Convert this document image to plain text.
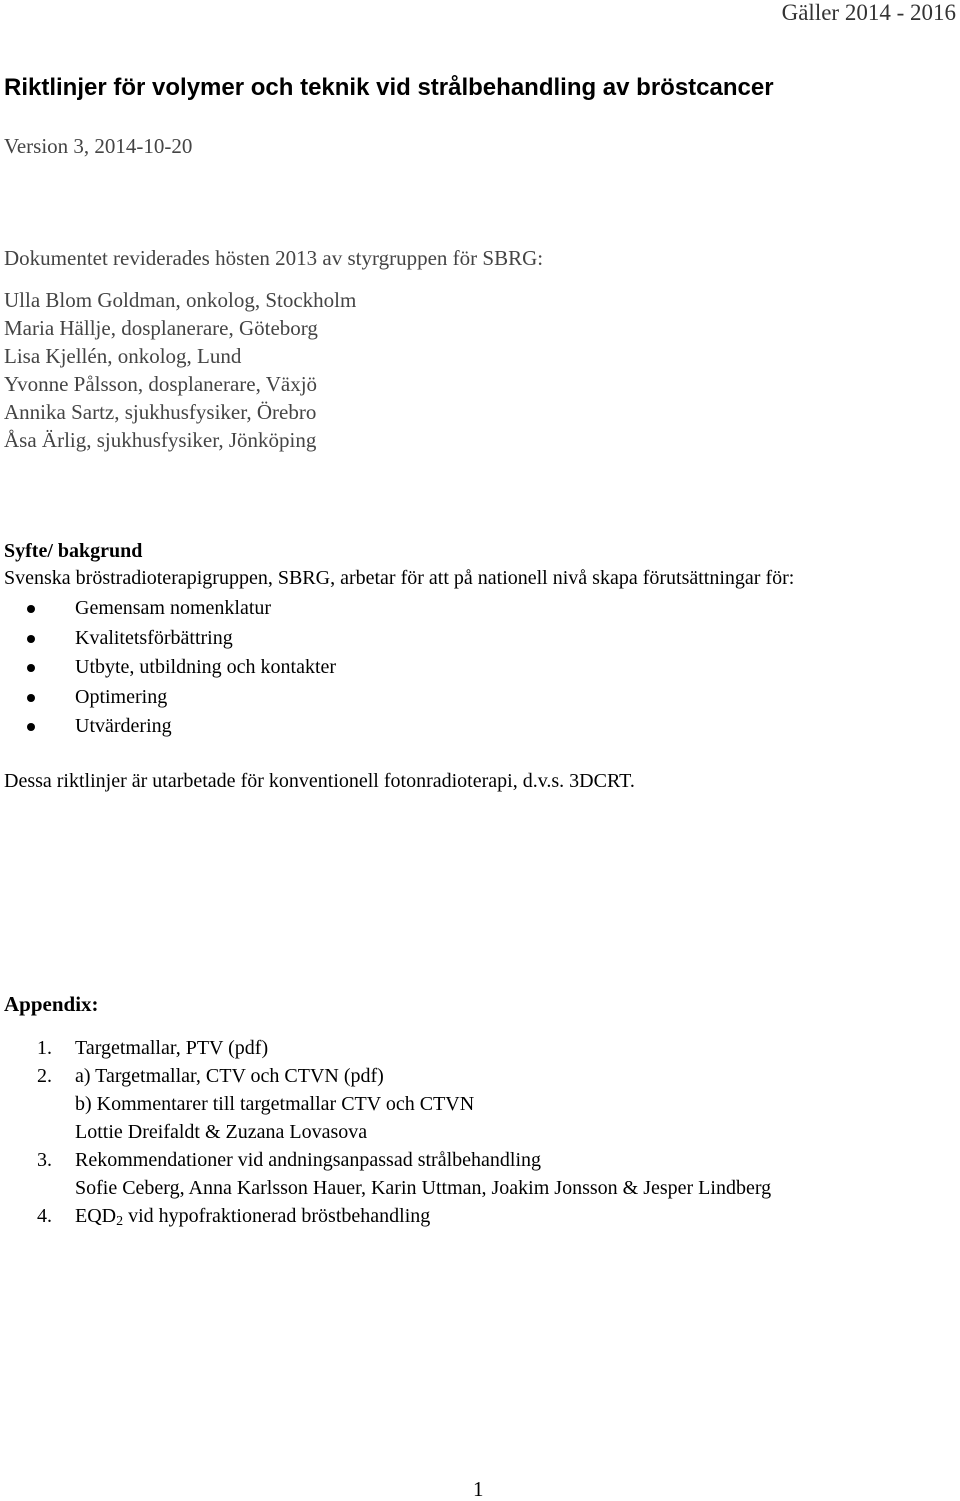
Gäller 2014 - 2016
Riktlinjer för volymer och teknik vid strålbehandling av bröstcancer
Version 3, 2014-10-20
Dokumentet reviderades hösten 2013 av styrgruppen för SBRG:
Ulla Blom Goldman, onkolog, Stockholm
Maria Hällje, dosplanerare, Göteborg
Lisa Kjellén, onkolog, Lund
Yvonne Pålsson, dosplanerare, Växjö
Annika Sartz, sjukhusfysiker, Örebro
Åsa Ärlig, sjukhusfysiker, Jönköping
Syfte/ bakgrund
Svenska bröstradioterapigruppen, SBRG, arbetar för att på nationell nivå skapa förutsättningar för:
Gemensam nomenklatur
Kvalitetsförbättring
Utbyte, utbildning och kontakter
Optimering
Utvärdering
Dessa riktlinjer är utarbetade för konventionell fotonradioterapi, d.v.s. 3DCRT.
Appendix:
1. Targetmallar, PTV (pdf)
2. a) Targetmallar, CTV och CTVN (pdf)
b) Kommentarer till targetmallar CTV och CTVN
Lottie Dreifaldt & Zuzana Lovasova
3. Rekommendationer vid andningsanpassad strålbehandling
Sofie Ceberg, Anna Karlsson Hauer, Karin Uttman, Joakim Jonsson & Jesper Lindberg
4. $EQD_2$ vid hypofraktionerad bröstbehandling
1
